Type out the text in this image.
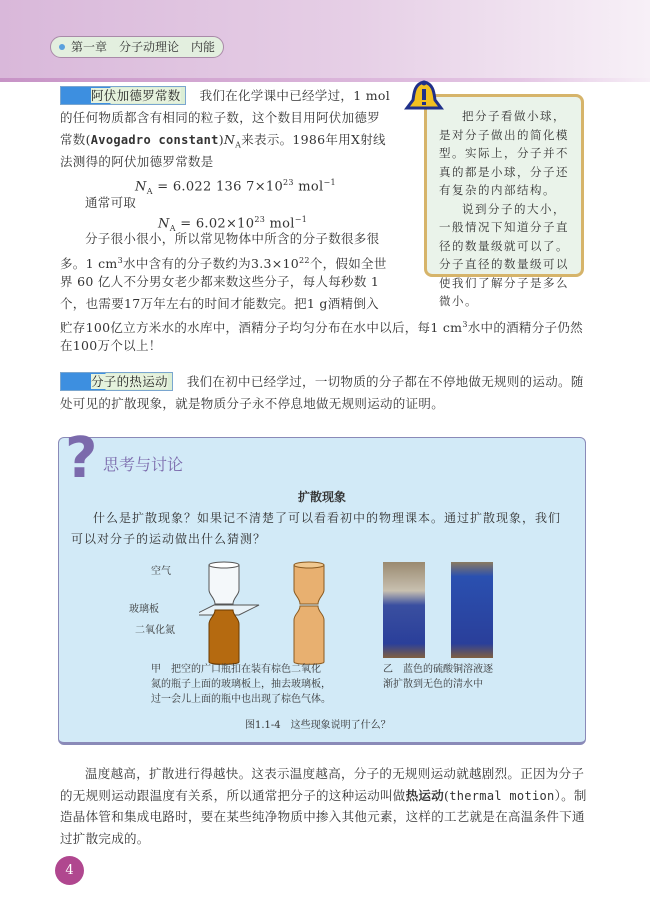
第一章　分子动理论　内能
阿伏加德罗常数 我们在化学课中已经学过，1 mol
的任何物质都含有相同的粒子数，这个数目用阿伏加德罗
常数(Avogadro $constant)N_A$来表示。1986年用X射线
法测得的阿伏加德罗常数是
$N_A = 6.022$ 136 $7\times 10^{23}$ mol$^{-1}$
通常可取
$N_A = 6.02\times 10^{23}$ mol$^{-1}$
分子很小很小，所以常见物体中所含的分子数很多很
多。1 $cm^3$水中含有的分子数约为$3.3\times 10^{22}$个，假如全世
界 60 亿人不分男女老少都来数这些分子，每人每秒数 1
个，也需要17万年左右的时间才能数完。把1 g酒精倒入
贮存100亿立方米水的水库中，酒精分子均匀分布在水中以后，每1 $cm^3$水中的酒精分子仍然
在100万个以上！

把分子看做小球，是对分子做出的简化模型。实际上，分子并不真的都是小球，分子还有复杂的内部结构。

说到分子的大小，一般情况下知道分子直径的数量级就可以了。分子直径的数量级可以使我们了解分子是多么微小。

分子的热运动 我们在初中已经学过，一切物质的分子都在不停地做无规则的运动。随
处可见的扩散现象，就是物质分子永不停息地做无规则运动的证明。
? 思考与讨论
扩散现象
什么是扩散现象？如果记不清楚了可以看看初中的物理课本。通过扩散现象，我们
可以对分子的运动做出什么猜测？
空气
玻璃板
二氧化氮
甲　把空的广口瓶扣在装有棕色二氧化
氮的瓶子上面的玻璃板上，抽去玻璃板，
过一会儿上面的瓶中也出现了棕色气体。
乙　蓝色的硫酸铜溶液逐
渐扩散到无色的清水中
图1.1-4　这些现象说明了什么？
温度越高，扩散进行得越快。这表示温度越高，分子的无规则运动就越剧烈。正因为分子
的无规则运动跟温度有关系，所以通常把分子的这种运动叫做热运动(thermal motion）。制
造晶体管和集成电路时，要在某些纯净物质中掺入其他元素，这样的工艺就是在高温条件下通
过扩散完成的。
4
